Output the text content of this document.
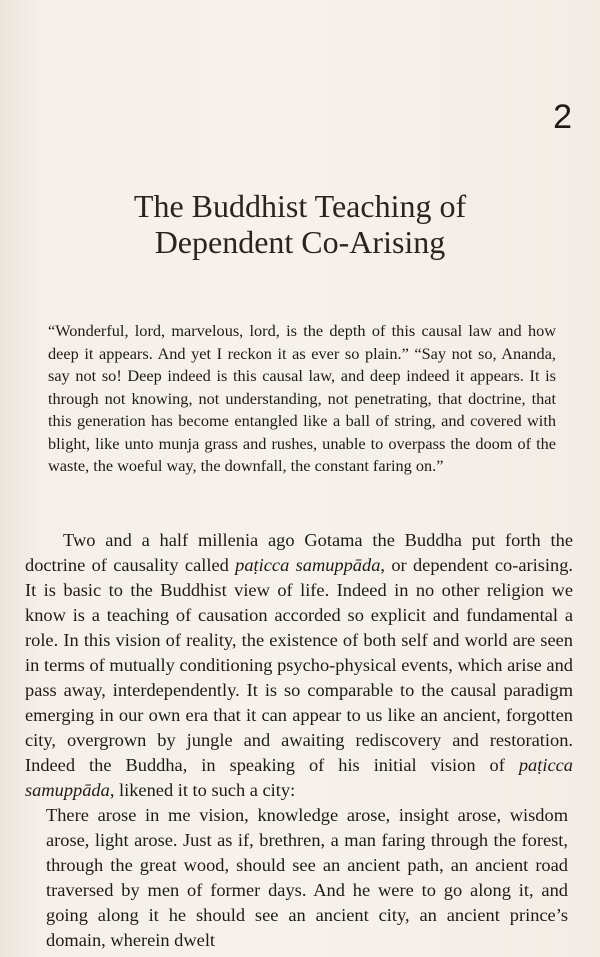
2
The Buddhist Teaching of
Dependent Co-Arising
“Wonderful, lord, marvelous, lord, is the depth of this causal law and how deep it appears. And yet I reckon it as ever so plain.” “Say not so, Ananda, say not so! Deep indeed is this causal law, and deep indeed it appears. It is through not knowing, not understanding, not penetrating, that doctrine, that this generation has become entangled like a ball of string, and covered with blight, like unto munja grass and rushes, unable to overpass the doom of the waste, the woeful way, the downfall, the constant faring on.”

Two and a half millenia ago Gotama the Buddha put forth the doctrine of causality called paṭicca samuppāda, or dependent co-arising. It is basic to the Buddhist view of life. Indeed in no other religion we know is a teaching of causation accorded so explicit and fundamental a role. In this vision of reality, the existence of both self and world are seen in terms of mutually conditioning psycho-physical events, which arise and pass away, interdependently. It is so comparable to the causal paradigm emerging in our own era that it can appear to us like an ancient, forgotten city, overgrown by jungle and awaiting rediscovery and restoration. Indeed the Buddha, in speaking of his initial vision of paṭicca samuppāda, likened it to such a city:

There arose in me vision, knowledge arose, insight arose, wisdom arose, light arose. Just as if, brethren, a man faring through the forest, through the great wood, should see an ancient path, an ancient road traversed by men of former days. And he were to go along it, and going along it he should see an ancient city, an ancient prince’s domain, wherein dwelt
